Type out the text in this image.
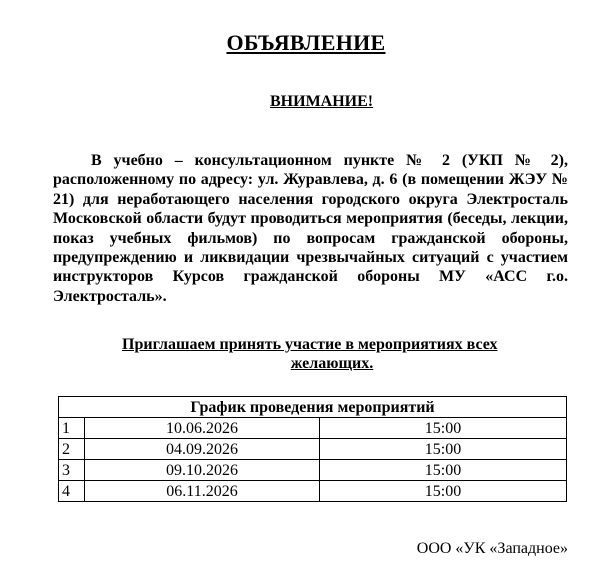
ОБЪЯВЛЕНИЕ
ВНИМАНИЕ!

В учебно – консультационном пункте № 2 (УКП № 2), расположенному по адресу: ул. Журавлева, д. 6 (в помещении ЖЭУ № 21) для неработающего населения городского округа Электросталь Московской области будут проводиться мероприятия (беседы, лекции, показ учебных фильмов) по вопросам гражданской обороны, предупреждению и ликвидации чрезвычайных ситуаций с участием инструкторов Курсов гражданской обороны МУ «АСС г.о. Электросталь».

Приглашаем принять участие в мероприятиях всех
желающих.

График проведения мероприятий		
1	10.06.2026	15:00
2	04.09.2026	15:00
3	09.10.2026	15:00
4	06.11.2026	15:00
ООО «УК «Западное»
